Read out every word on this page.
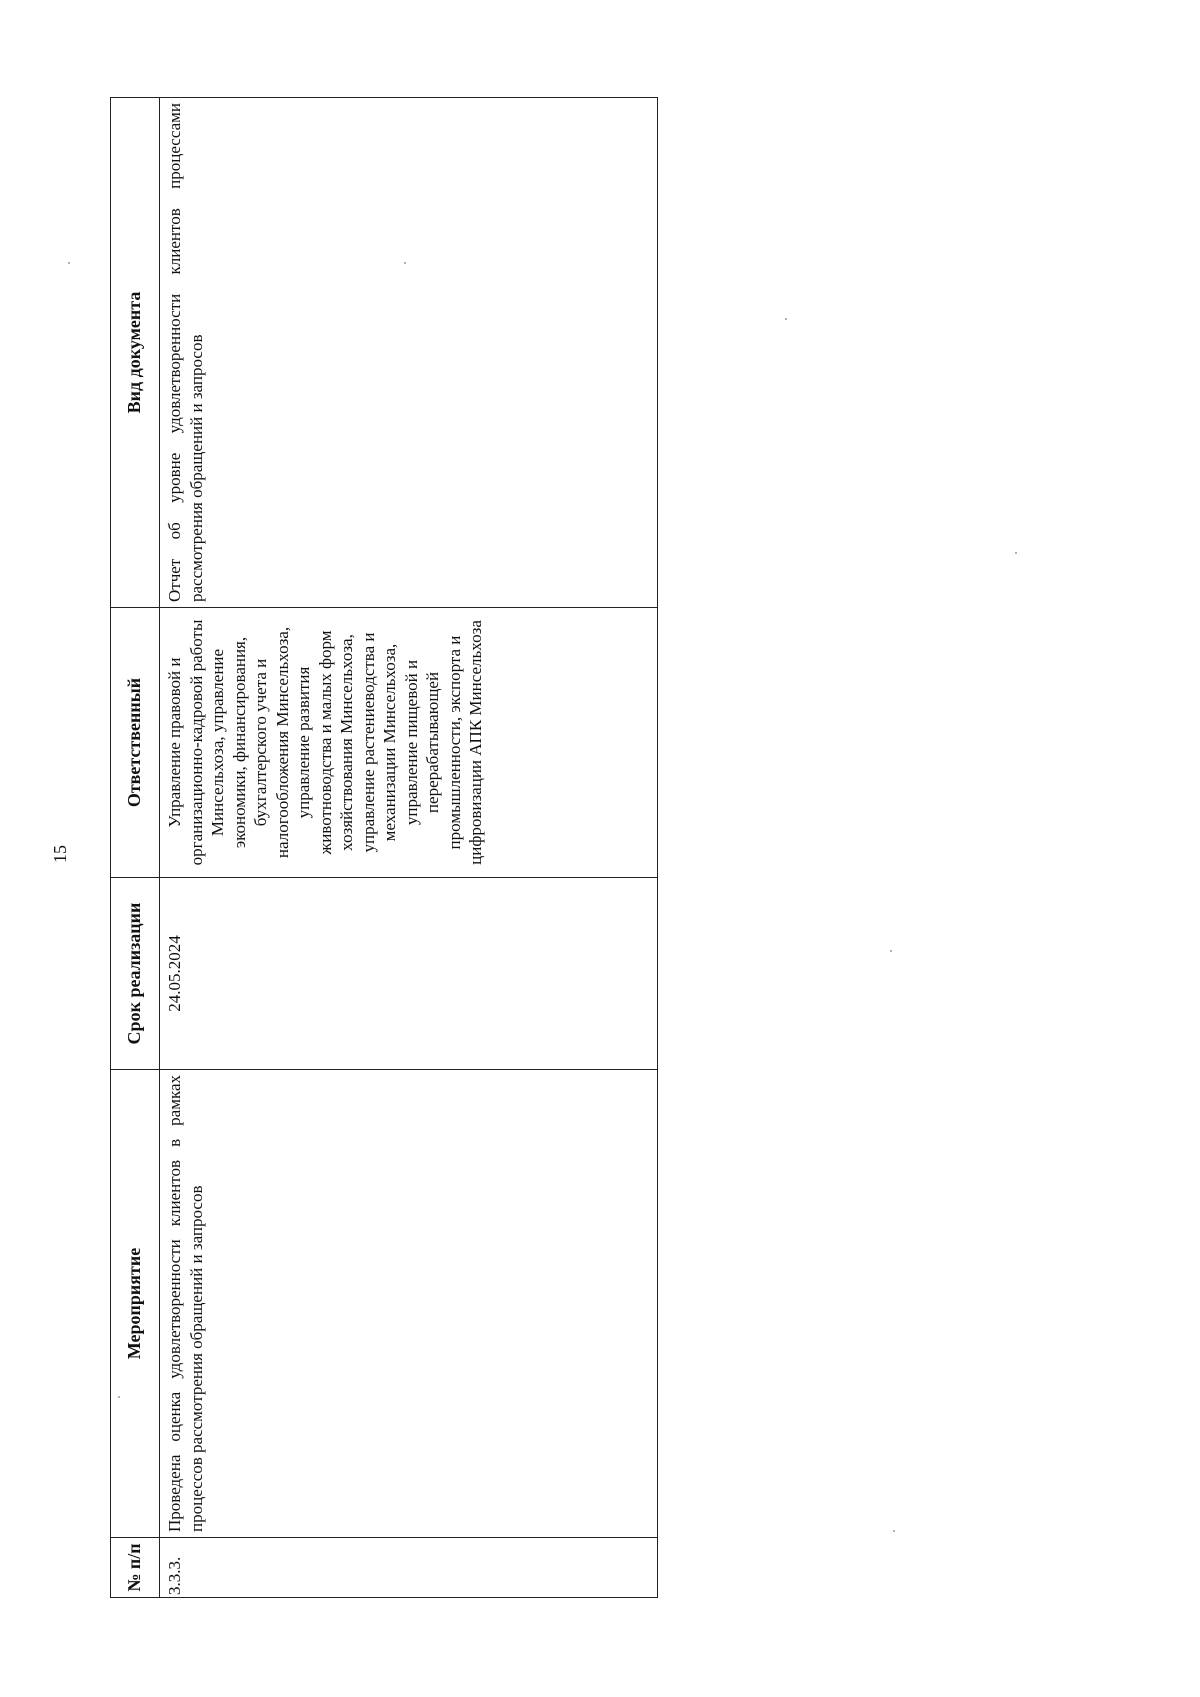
15
№ п/п	Мероприятие	Срок реализации	Ответственный	Вид документа
3.3.3.	Проведена оценка удовлетворенности клиентов в рамках процессов рассмотрения обращений и запросов	24.05.2024	Управление правовой и организационно-кадровой работы Минсельхоза, управление экономики, финансирования, бухгалтерского учета и налогообложения Минсельхоза, управление развития животноводства и малых форм хозяйствования Минсельхоза, управление растениеводства и механизации Минсельхоза, управление пищевой и перерабатывающей промышленности, экспорта и цифровизации АПК Минсельхоза	Отчет об уровне удовлетворенности клиентов процессами рассмотрения обращений и запросов
